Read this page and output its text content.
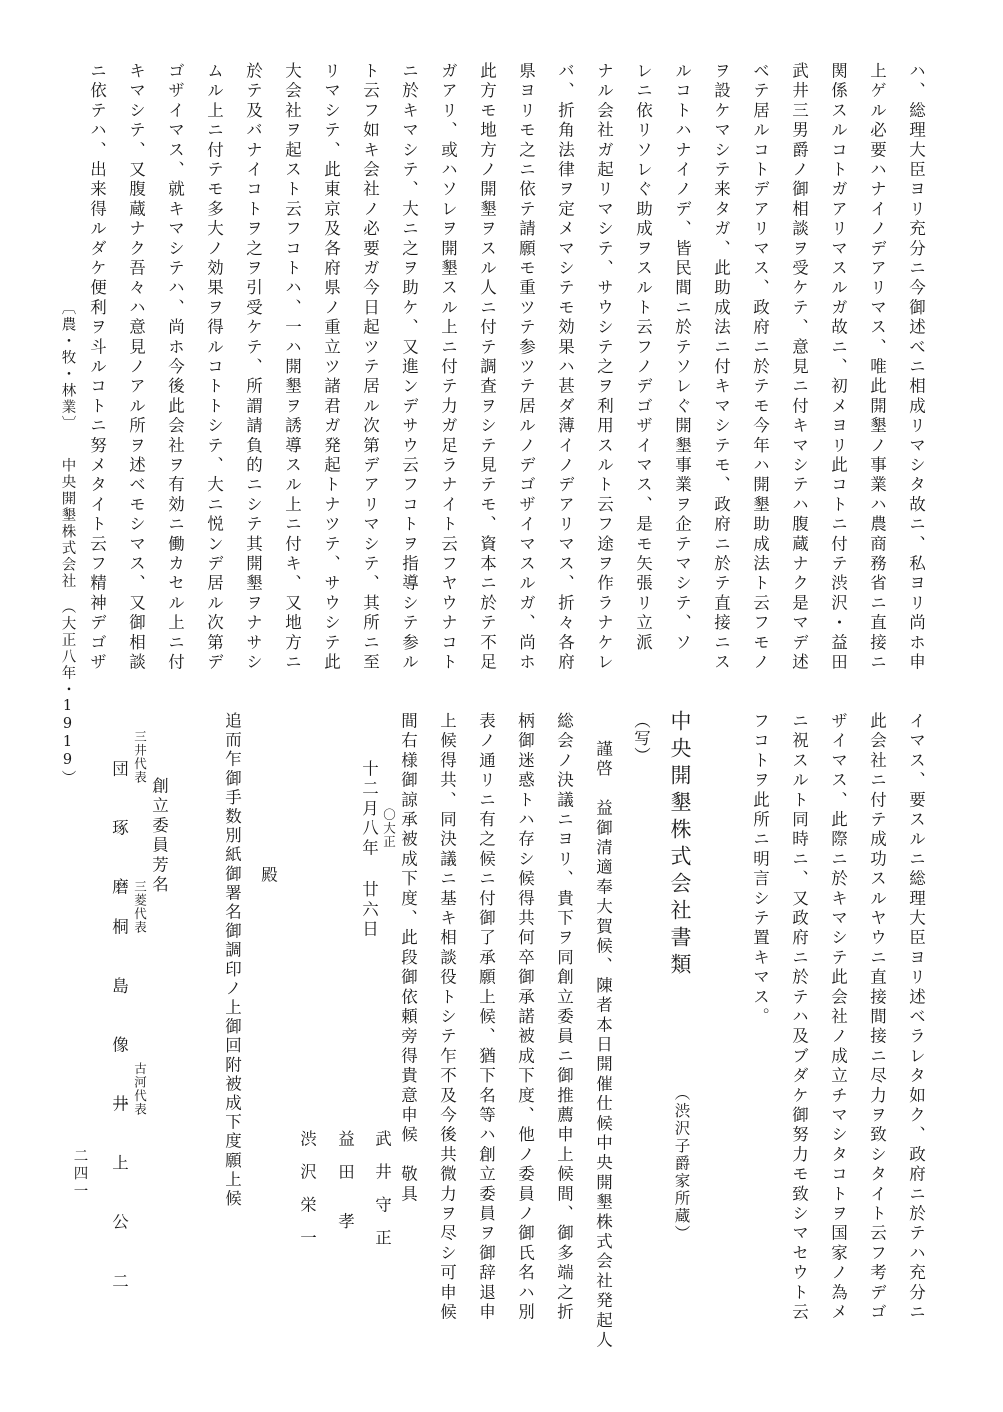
〔農・牧・林業〕　　中央開墾株式会社　（大正八年・1919）
ハ、総理大臣ヨリ充分ニ今御述べニ相成リマシタ故ニ、私ヨリ尚ホ申
上ゲル必要ハナイノデアリマス、唯此開墾ノ事業ハ農商務省ニ直接ニ
関係スルコトガアリマスルガ故ニ、初メヨリ此コトニ付テ渋沢・益田
武井三男爵ノ御相談ヲ受ケテ、意見ニ付キマシテハ腹蔵ナク是マデ述
ベテ居ルコトデアリマス、政府ニ於テモ今年ハ開墾助成法ト云フモノ
ヲ設ケマシテ来タガ、此助成法ニ付キマシテモ、政府ニ於テ直接ニス
ルコトハナイノデ、皆民間ニ於テソレぐ開墾事業ヲ企テマシテ、ソ
レニ依リソレぐ助成ヲスルト云フノデゴザイマス、是モ矢張リ立派
ナル会社ガ起リマシテ、サウシテ之ヲ利用スルト云フ途ヲ作ラナケレ
バ、折角法律ヲ定メマシテモ効果ハ甚ダ薄イノデアリマス、折々各府
県ヨリモ之ニ依テ請願モ重ツテ参ツテ居ルノデゴザイマスルガ、尚ホ
此方モ地方ノ開墾ヲスル人ニ付テ調査ヲシテ見テモ、資本ニ於テ不足
ガアリ、或ハソレヲ開墾スル上ニ付テ力ガ足ラナイト云フヤウナコト
ニ於キマシテ、大ニ之ヲ助ケ、又進ンデサウ云フコトヲ指導シテ参ル
ト云フ如キ会社ノ必要ガ今日起ツテ居ル次第デアリマシテ、其所ニ至
リマシテ、此東京及各府県ノ重立ツ諸君ガ発起トナツテ、サウシテ此
大会社ヲ起スト云フコトハ、一ハ開墾ヲ誘導スル上ニ付キ、又地方ニ
於テ及バナイコトヲ之ヲ引受ケテ、所謂請負的ニシテ其開墾ヲナサシ
ムル上ニ付テモ多大ノ効果ヲ得ルコトトシテ、大ニ悦ンデ居ル次第デ
ゴザイマス、就キマシテハ、尚ホ今後此会社ヲ有効ニ働カセル上ニ付
キマシテ、又腹蔵ナク吾々ハ意見ノアル所ヲ述ベモシマス、又御相談
ニ依テハ、出来得ルダケ便利ヲ斗ルコトニ努メタイト云フ精神デゴザ
イマス、要スルニ総理大臣ヨリ述ベラレタ如ク、政府ニ於テハ充分ニ
此会社ニ付テ成功スルヤウニ直接間接ニ尽力ヲ致シタイト云フ考デゴ
ザイマス、此際ニ於キマシテ此会社ノ成立チマシタコトヲ国家ノ為メ
ニ祝スルト同時ニ、又政府ニ於テハ及ブダケ御努力モ致シマセウト云
フコトヲ此所ニ明言シテ置キマス。
中央開墾株式会社書類
（渋沢子爵家所蔵）
（写）
謹啓　益御清適奉大賀候、陳者本日開催仕候中央開墾株式会社発起人
総会ノ決議ニヨリ、貴下ヲ同創立委員ニ御推薦申上候間、御多端之折
柄御迷惑トハ存シ候得共何卒御承諾被成下度、他ノ委員ノ御氏名ハ別
表ノ通リニ有之候ニ付御了承願上候、猶下名等ハ創立委員ヲ御辞退申
上候得共、同決議ニ基キ相談役トシテ乍不及今後共微力ヲ尽シ可申候
間右様御諒承被成下度、此段御依頼旁得貴意申候　敬具
〇大正
十二月八年 廿六日
武　井　守　正
益　田　　孝
渋　沢　栄　一
殿
追而乍御手数別紙御署名御調印ノ上御回附被成下度願上候
創立委員芳名
三井代表
団　　琢　　磨
三菱代表
桐　　島　　像　　一 古河代表
井　　上　　公　　二
二四一
